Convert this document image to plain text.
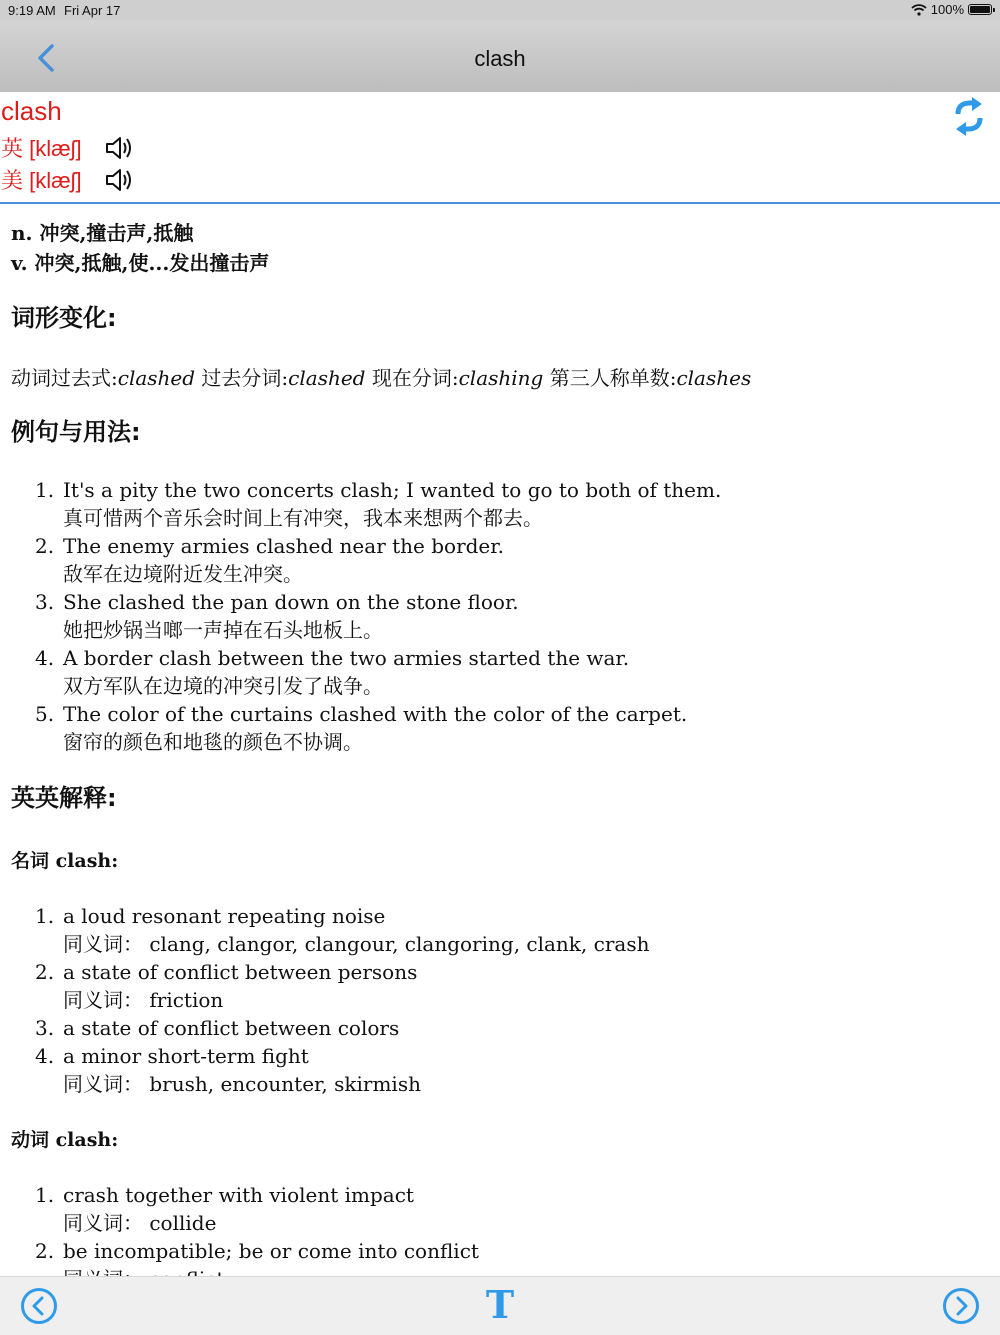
9:19 AM Fri Apr 17	100%
clash
clash
英 [klæʃ]
美 [klæʃ]
n. 冲突,撞击声,抵触
v. 冲突,抵触,使...发出撞击声
词形变化:
动词过去式:clashed 过去分词:clashed 现在分词:clashing 第三人称单数:clashes
例句与用法:
1. It's a pity the two concerts clash; I wanted to go to both of them.
真可惜两个音乐会时间上有冲突，我本来想两个都去。
2. The enemy armies clashed near the border.
敌军在边境附近发生冲突。
3. She clashed the pan down on the stone floor.
她把炒锅当啷一声掉在石头地板上。
4. A border clash between the two armies started the war.
双方军队在边境的冲突引发了战争。
5. The color of the curtains clashed with the color of the carpet.
窗帘的颜色和地毯的颜色不协调。
英英解释:
名词 clash:
1. a loud resonant repeating noise
同义词： clang, clangor, clangour, clangoring, clank, crash
2. a state of conflict between persons
同义词： friction
3. a state of conflict between colors
4. a minor short-term fight
同义词： brush, encounter, skirmish
动词 clash:
1. crash together with violent impact
同义词： collide
2. be incompatible; be or come into conflict
T
